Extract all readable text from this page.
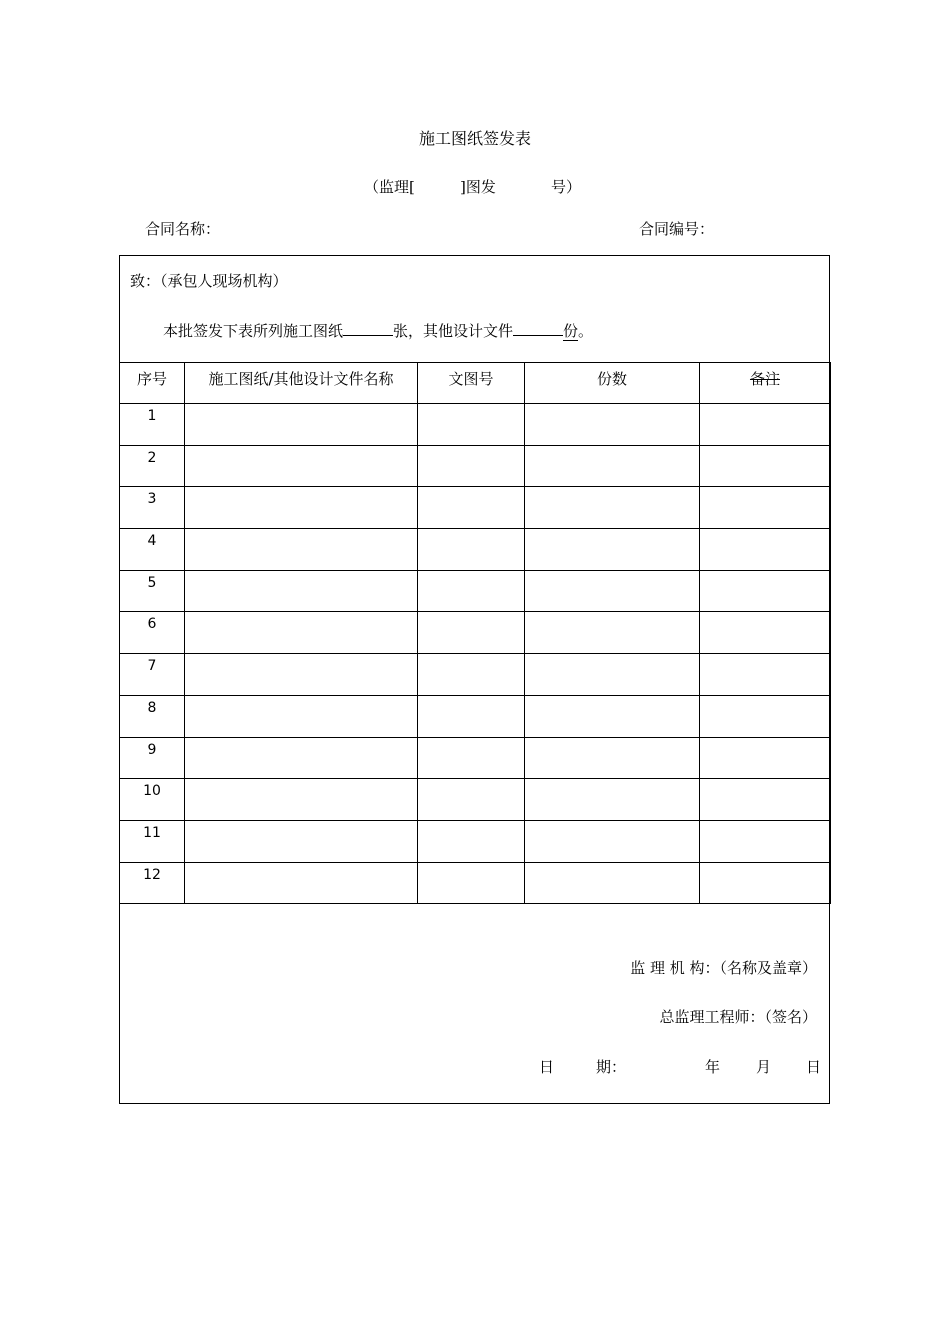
施工图纸签发表
（监理[	]图发	号）
合同名称：	合同编号：
致：（承包人现场机构）
本批签发下表所列施工图纸	张，其他设计文件	份。
序号	施工图纸/其他设计文件名称	文图号	份数	备注
1				
2				
3				
4				
5				
6				
7				
8				
9				
10				
11				
12				
监 理 机 构：（名称及盖章）
总监理工程师：（签名）
日	期：	年 月 日
